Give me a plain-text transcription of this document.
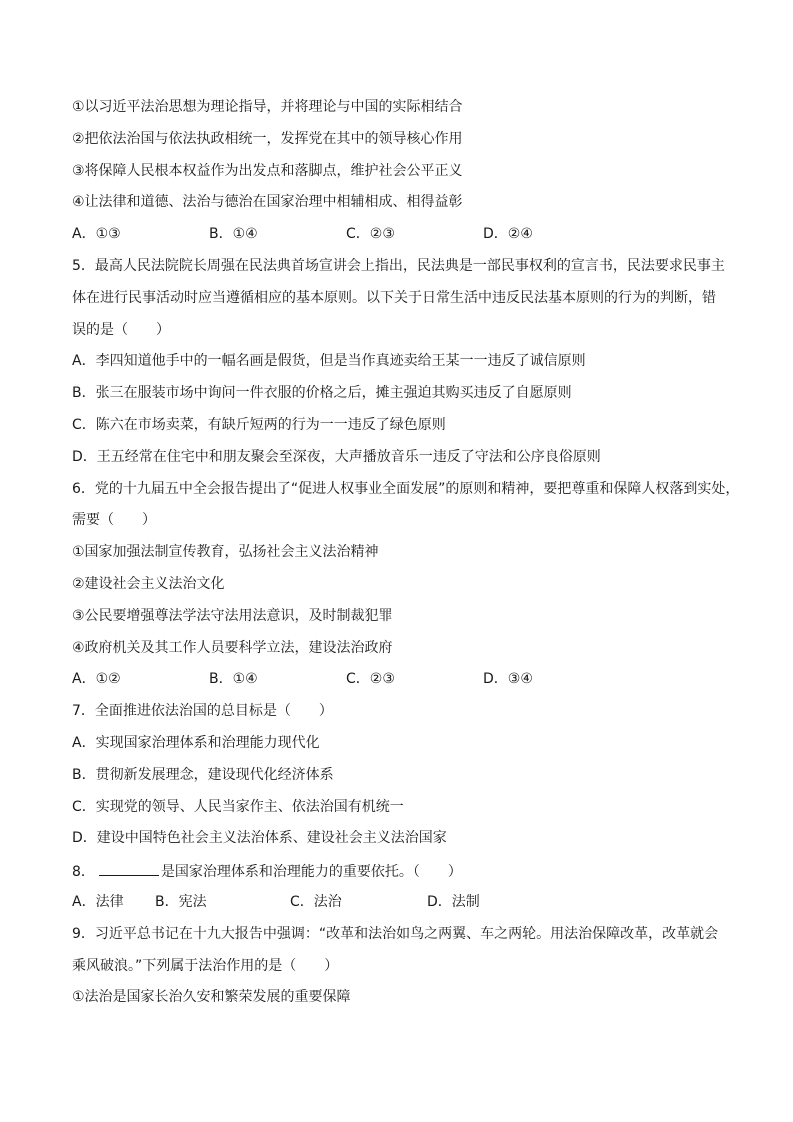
①以习近平法治思想为理论指导，并将理论与中国的实际相结合
②把依法治国与依法执政相统一，发挥党在其中的领导核心作用
③将保障人民根本权益作为出发点和落脚点，维护社会公平正义
④让法律和道德、法治与德治在国家治理中相辅相成、相得益彰
A．①③	B．①④	C．②③	D．②④
5．最高人民法院院长周强在民法典首场宣讲会上指出，民法典是一部民事权利的宣言书，民法要求民事主
体在进行民事活动时应当遵循相应的基本原则。以下关于日常生活中违反民法基本原则的行为的判断，错
误的是（　　）
A．李四知道他手中的一幅名画是假货，但是当作真迹卖给王某一一违反了诚信原则
B．张三在服装市场中询问一件衣服的价格之后，摊主强迫其购买违反了自愿原则
C．陈六在市场卖菜，有缺斤短两的行为一一违反了绿色原则
D．王五经常在住宅中和朋友聚会至深夜，大声播放音乐一违反了守法和公序良俗原则
6．党的十九届五中全会报告提出了“促进人权事业全面发展”的原则和精神，要把尊重和保障人权落到实处，
需要（　　）
①国家加强法制宣传教育，弘扬社会主义法治精神
②建设社会主义法治文化
③公民要增强尊法学法守法用法意识，及时制裁犯罪
④政府机关及其工作人员要科学立法，建设法治政府
A．①②	B．①④	C．②③	D．③④
7．全面推进依法治国的总目标是（　　）
A．实现国家治理体系和治理能力现代化
B．贯彻新发展理念，建设现代化经济体系
C．实现党的领导、人民当家作主、依法治国有机统一
D．建设中国特色社会主义法治体系、建设社会主义法治国家
8．	是国家治理体系和治理能力的重要依托。（　　）
A．法律	B．宪法	C．法治	D．法制
9．习近平总书记在十九大报告中强调：“改革和法治如鸟之两翼、车之两轮。用法治保障改革，改革就会
乘风破浪。”下列属于法治作用的是（　　）
①法治是国家长治久安和繁荣发展的重要保障
